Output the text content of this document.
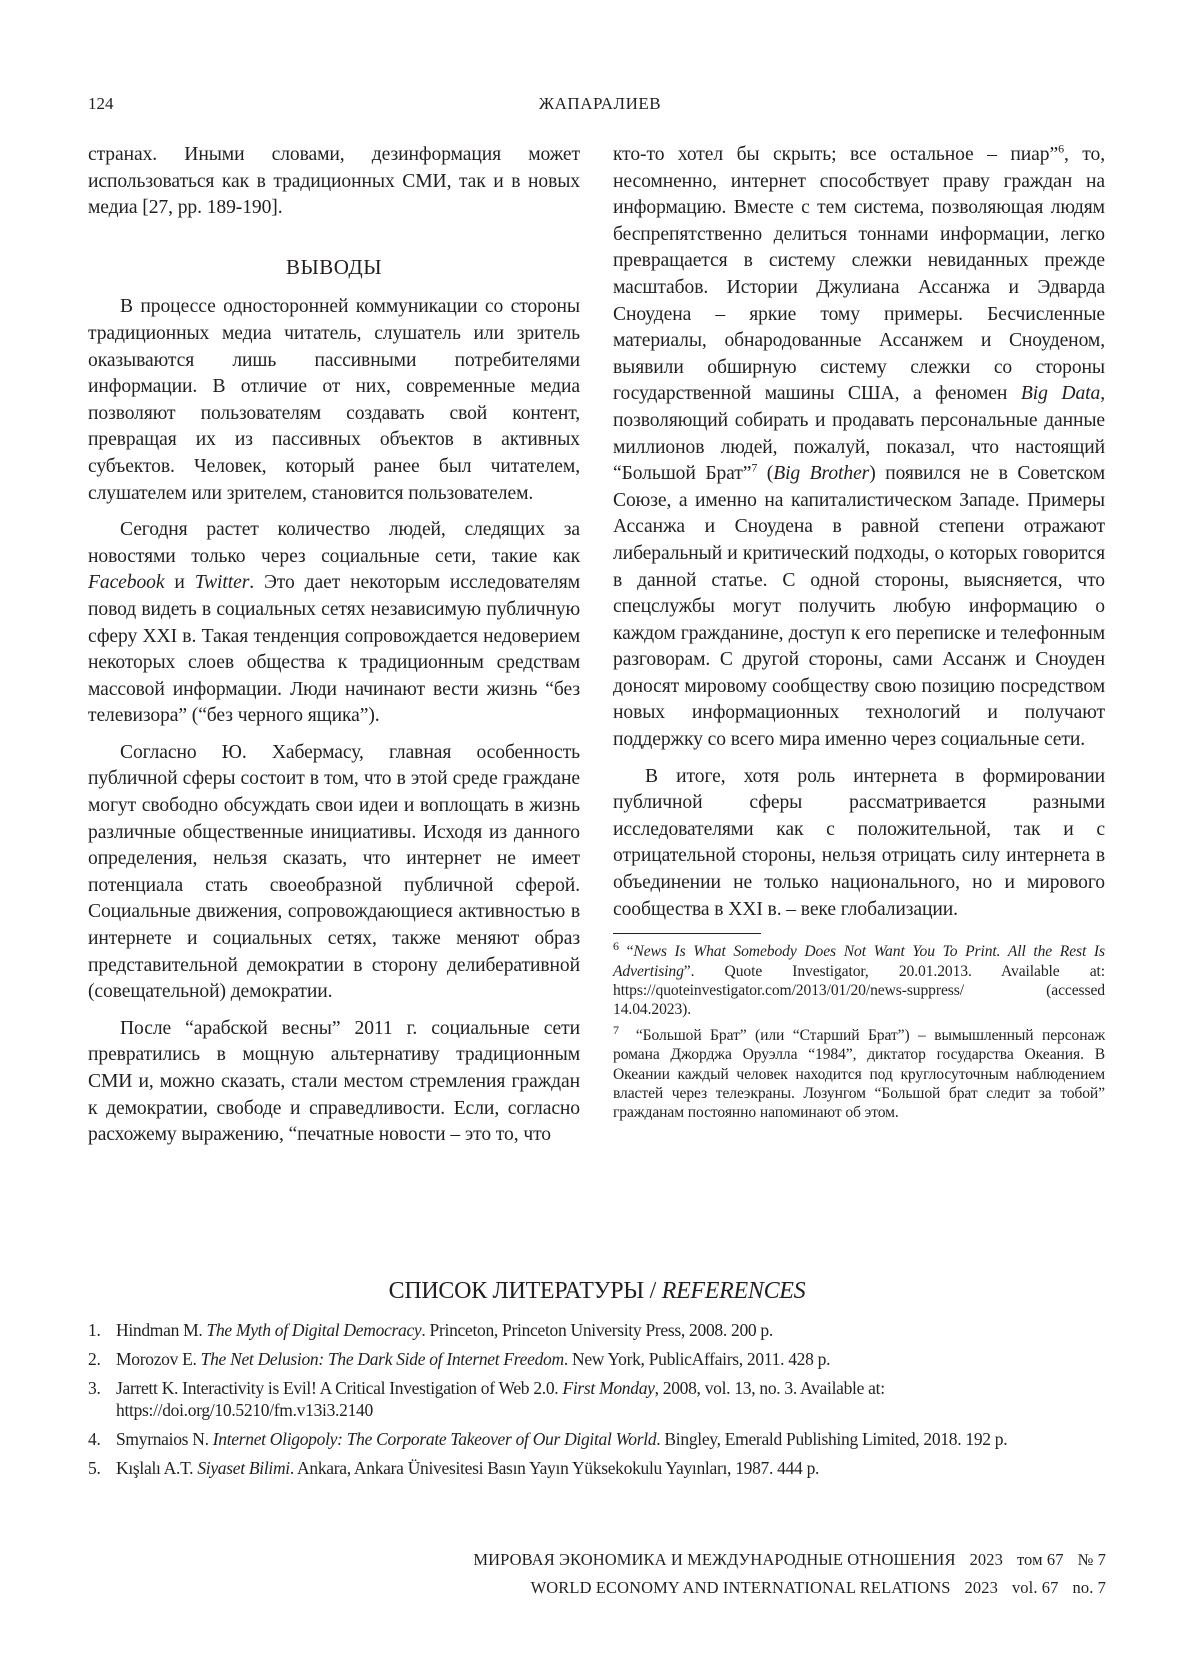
124	ЖАПАРАЛИЕВ

странах. Иными словами, дезинформация может использоваться как в традиционных СМИ, так и в новых медиа [27, pp. 189-190].

ВЫВОДЫ

В процессе односторонней коммуникации со стороны традиционных медиа читатель, слушатель или зритель оказываются лишь пассивными потребителями информации. В отличие от них, современные медиа позволяют пользователям создавать свой контент, превращая их из пассивных объектов в активных субъектов. Человек, который ранее был читателем, слушателем или зрителем, становится пользователем.

Сегодня растет количество людей, следящих за новостями только через социальные сети, такие как Facebook и Twitter. Это дает некоторым исследователям повод видеть в социальных сетях независимую публичную сферу XXI в. Такая тенденция сопровождается недоверием некоторых слоев общества к традиционным средствам массовой информации. Люди начинают вести жизнь “без телевизора” (“без черного ящика”).

Согласно Ю. Хабермасу, главная особенность публичной сферы состоит в том, что в этой среде граждане могут свободно обсуждать свои идеи и воплощать в жизнь различные общественные инициативы. Исходя из данного определения, нельзя сказать, что интернет не имеет потенциала стать своеобразной публичной сферой. Социальные движения, сопровождающиеся активностью в интернете и социальных сетях, также меняют образ представительной демократии в сторону делиберативной (совещательной) демократии.

После “арабской весны” 2011 г. социальные сети превратились в мощную альтернативу традиционным СМИ и, можно сказать, стали местом стремления граждан к демократии, свободе и справедливости. Если, согласно расхожему выражению, “печатные новости – это то, что

кто-то хотел бы скрыть; все остальное – пиар”6, то, несомненно, интернет способствует праву граждан на информацию. Вместе с тем система, позволяющая людям беспрепятственно делиться тоннами информации, легко превращается в систему слежки невиданных прежде масштабов. Истории Джулиана Ассанжа и Эдварда Сноудена – яркие тому примеры. Бесчисленные материалы, обнародованные Ассанжем и Сноуденом, выявили обширную систему слежки со стороны государственной машины США, а феномен Big Data, позволяющий собирать и продавать персональные данные миллионов людей, пожалуй, показал, что настоящий “Большой Брат”7 (Big Brother) появился не в Советском Союзе, а именно на капиталистическом Западе. Примеры Ассанжа и Сноудена в равной степени отражают либеральный и критический подходы, о которых говорится в данной статье. С одной стороны, выясняется, что спецслужбы могут получить любую информацию о каждом гражданине, доступ к его переписке и телефонным разговорам. С другой стороны, сами Ассанж и Сноуден доносят мировому сообществу свою позицию посредством новых информационных технологий и получают поддержку со всего мира именно через социальные сети.

В итоге, хотя роль интернета в формировании публичной сферы рассматривается разными исследователями как с положительной, так и с отрицательной стороны, нельзя отрицать силу интернета в объединении не только национального, но и мирового сообщества в XXI в. – веке глобализации.

6 “News Is What Somebody Does Not Want You To Print. All the Rest Is Advertising”. Quote Investigator, 20.01.2013. Available at: https://quoteinvestigator.com/2013/01/20/news-suppress/ (accessed 14.04.2023).

7 “Большой Брат” (или “Старший Брат”) – вымышленный персонаж романа Джорджа Оруэлла “1984”, диктатор государства Океания. В Океании каждый человек находится под круглосуточным наблюдением властей через телеэкраны. Лозунгом “Большой брат следит за тобой” гражданам постоянно напоминают об этом.

СПИСОК ЛИТЕРАТУРЫ / REFERENCES
1. Hindman M. The Myth of Digital Democracy. Princeton, Princeton University Press, 2008. 200 p.
2. Morozov E. The Net Delusion: The Dark Side of Internet Freedom. New York, PublicAffairs, 2011. 428 p.
3. Jarrett K. Interactivity is Evil! A Critical Investigation of Web 2.0. First Monday, 2008, vol. 13, no. 3. Available at: https://doi.org/10.5210/fm.v13i3.2140
4. Smyrnaios N. Internet Oligopoly: The Corporate Takeover of Our Digital World. Bingley, Emerald Publishing Limited, 2018. 192 p.
5. Kışlalı A.T. Siyaset Bilimi. Ankara, Ankara Ünivesitesi Basın Yayın Yüksekokulu Yayınları, 1987. 444 p.
МИРОВАЯ ЭКОНОМИКА И МЕЖДУНАРОДНЫЕ ОТНОШЕНИЯ 2023 том 67 № 7
WORLD ECONOMY AND INTERNATIONAL RELATIONS 2023 vol. 67 no. 7
